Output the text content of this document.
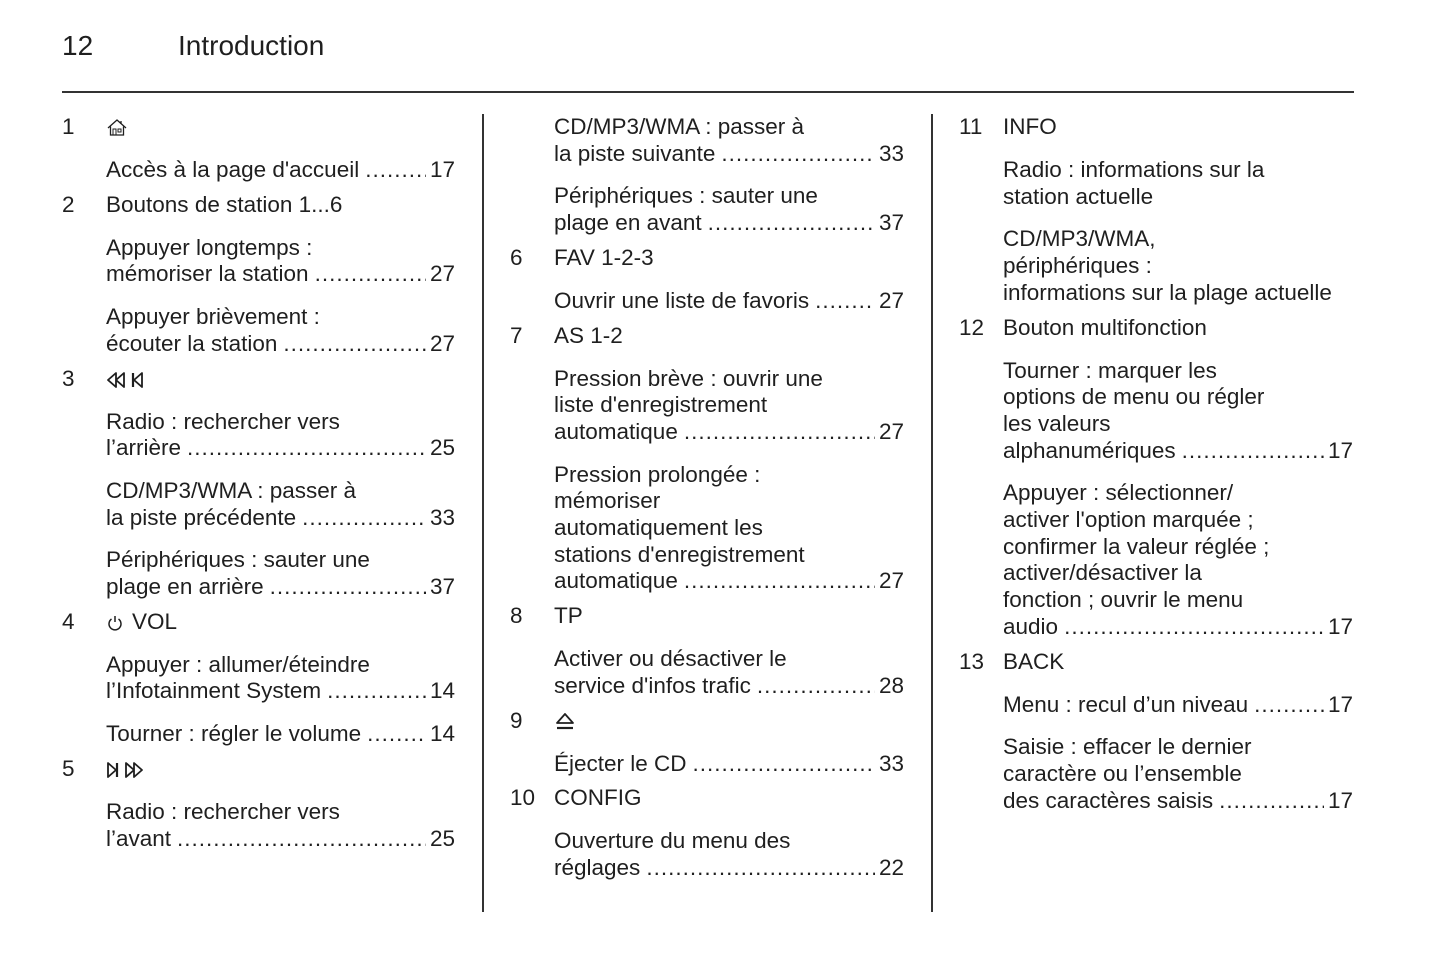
12	Introduction
1
Accès à la page d'accueil .....	17
2 Boutons de station 1...6
Appuyer longtemps :
mémoriser la station .....	27
Appuyer brièvement :
écouter la station .....	27
3
Radio : rechercher vers
l’arrière .....	25
CD/MP3/WMA : passer à
la piste précédente .....	33
Périphériques : sauter une
plage en arrière .....	37
4	VOL
Appuyer : allumer/éteindre
l’Infotainment System .....	14
Tourner : régler le volume .....	14
5
Radio : rechercher vers
l’avant .....	25
CD/MP3/WMA : passer à
la piste suivante .....	33
Périphériques : sauter une
plage en avant .....	37
6 FAV 1-2-3
Ouvrir une liste de favoris .....	27
7 AS 1-2
Pression brève : ouvrir une
liste d'enregistrement
automatique .....	27
Pression prolongée :
mémoriser
automatiquement les
stations d'enregistrement
automatique .....	27
8 TP
Activer ou désactiver le
service d'infos trafic .....	28
9
Éjecter le CD .....	33
10 CONFIG
Ouverture du menu des
réglages .....	22
11 INFO
Radio : informations sur la
station actuelle
CD/MP3/WMA,
périphériques :
informations sur la plage actuelle
12 Bouton multifonction
Tourner : marquer les
options de menu ou régler
les valeurs
alphanumériques .....	17
Appuyer : sélectionner/
activer l'option marquée ;
confirmer la valeur réglée ;
activer/désactiver la
fonction ; ouvrir le menu
audio .....	17
13 BACK
Menu : recul d’un niveau .....	17
Saisie : effacer le dernier
caractère ou l’ensemble
des caractères saisis .....	17
